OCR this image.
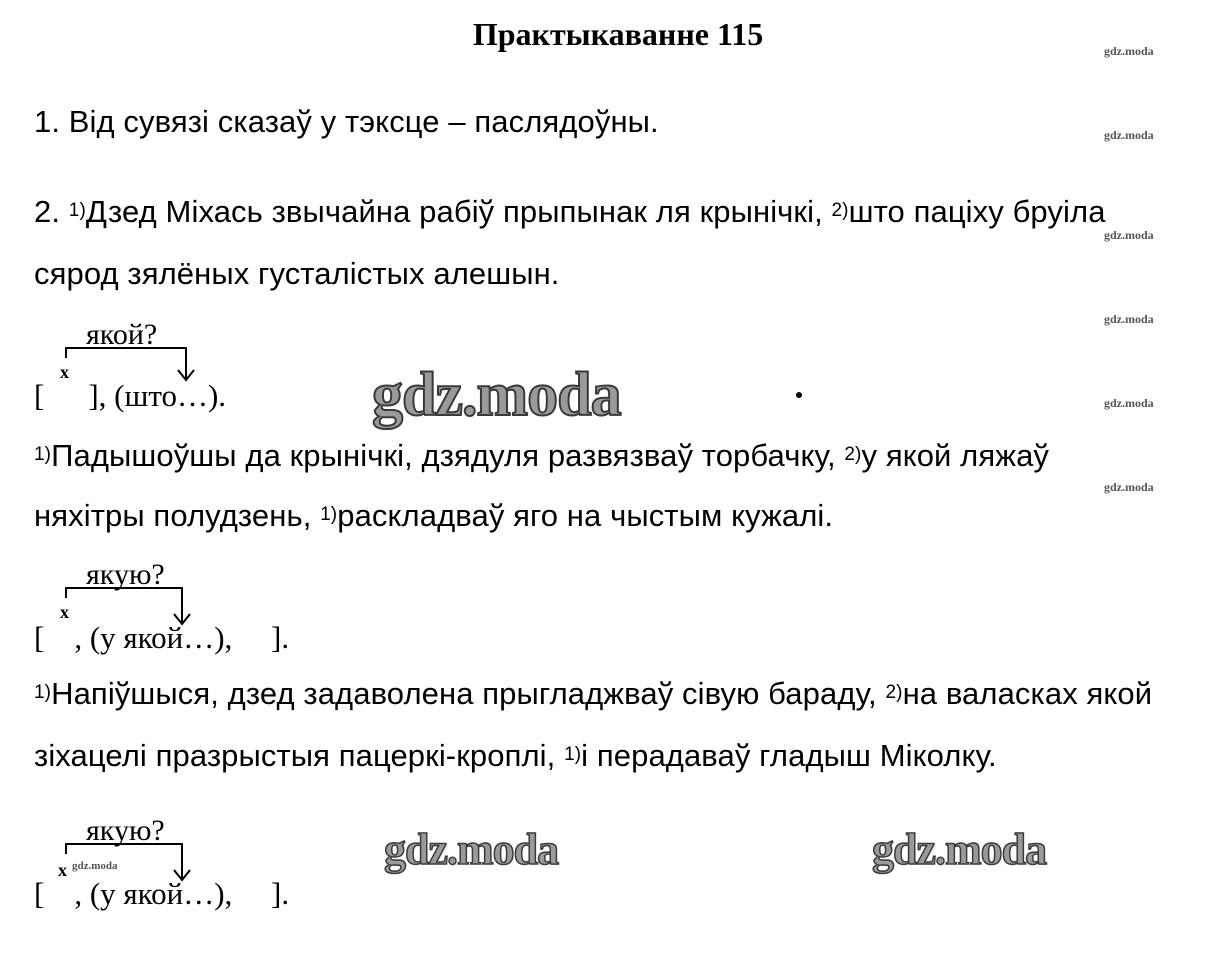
Практыкаванне 115
1. Від сувязі сказаў у тэксце – паслядоўны.
2. $^{1)}$Дзед Міхась звычайна рабіў прыпынак ля крынічкі, $^{2)}$што паціху бруіла
сярод зялёных густалістых алешын.
якой?
x
[ ], (што…).
$^{1)}$Падышоўшы да крынічкі, дзядуля развязваў торбачку, $^{2)}$у якой ляжаў
няхітры полудзень, $^{1)}$раскладваў яго на чыстым кужалі.
якую?
x
[ , (у якой…),     ].
$^{1)}$Напіўшыся, дзед задаволена прыгладжваў сівую бараду, $^{2)}$на валасках якой
зіхацелі празрыстыя пацеркі-кроплі, $^{1)}$і перадаваў гладыш Міколку.
якую?
x gdz.moda
[ , (у якой…),     ].
gdz.moda
gdz.moda
gdz.moda
gdz.moda
gdz.moda
gdz.moda
gdz.moda
gdz.moda	gdz.moda
